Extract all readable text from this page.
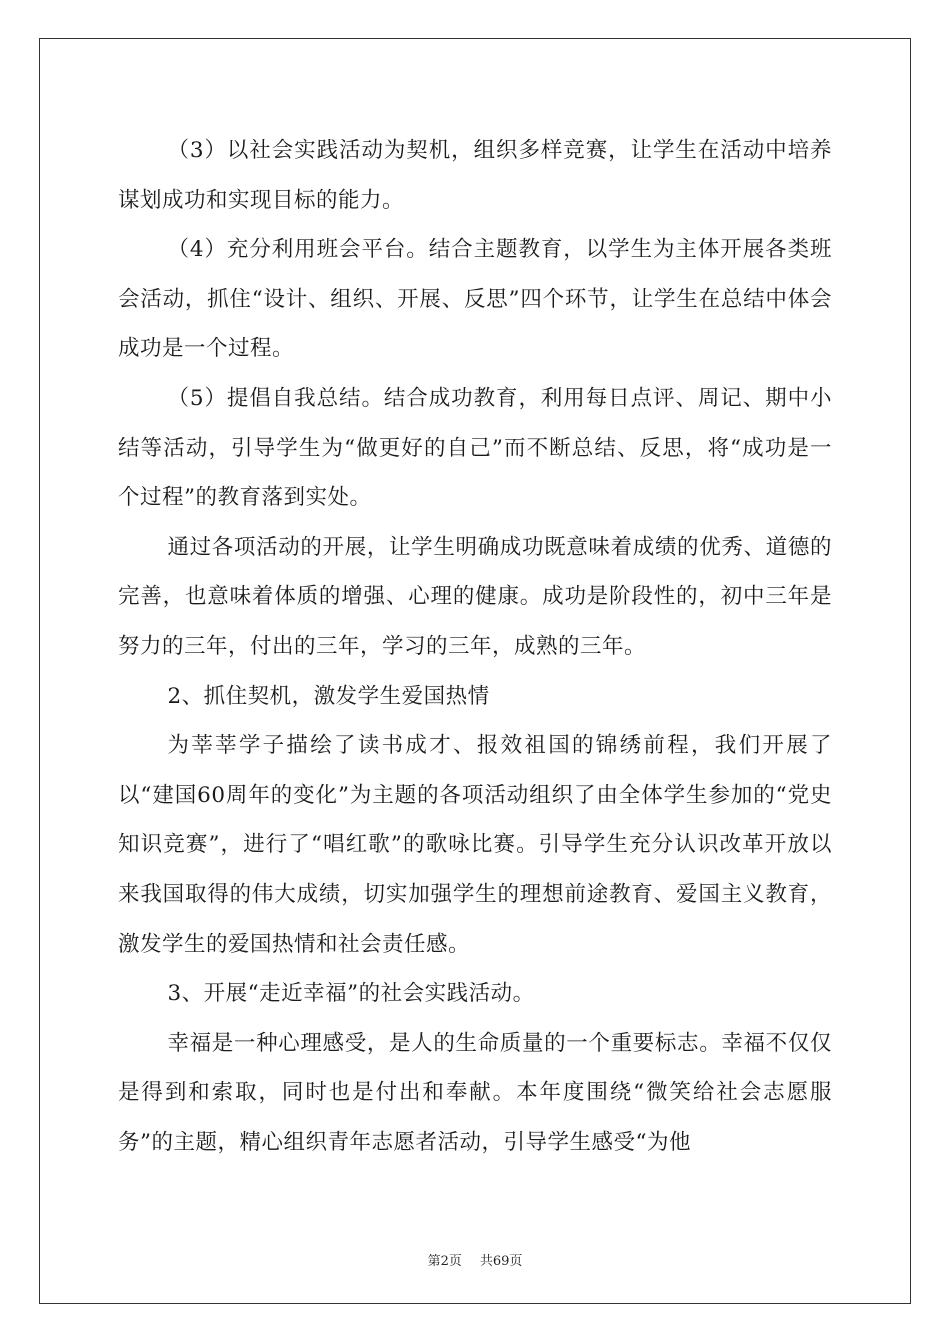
（3）以社会实践活动为契机，组织多样竞赛，让学生在活动中培养谋划成功和实现目标的能力。

（4）充分利用班会平台。结合主题教育，以学生为主体开展各类班会活动，抓住“设计、组织、开展、反思”四个环节，让学生在总结中体会成功是一个过程。

（5）提倡自我总结。结合成功教育，利用每日点评、周记、期中小结等活动，引导学生为“做更好的自己”而不断总结、反思，将“成功是一个过程”的教育落到实处。

通过各项活动的开展，让学生明确成功既意味着成绩的优秀、道德的完善，也意味着体质的增强、心理的健康。成功是阶段性的，初中三年是努力的三年，付出的三年，学习的三年，成熟的三年。

2、抓住契机，激发学生爱国热情

为莘莘学子描绘了读书成才、报效祖国的锦绣前程，我们开展了以“建国60周年的变化”为主题的各项活动组织了由全体学生参加的“党史知识竞赛”，进行了“唱红歌”的歌咏比赛。引导学生充分认识改革开放以来我国取得的伟大成绩，切实加强学生的理想前途教育、爱国主义教育，激发学生的爱国热情和社会责任感。

3、开展“走近幸福”的社会实践活动。

幸福是一种心理感受，是人的生命质量的一个重要标志。幸福不仅仅是得到和索取，同时也是付出和奉献。本年度围绕“微笑给社会志愿服务”的主题，精心组织青年志愿者活动，引导学生感受“为他

第2页 共69页
